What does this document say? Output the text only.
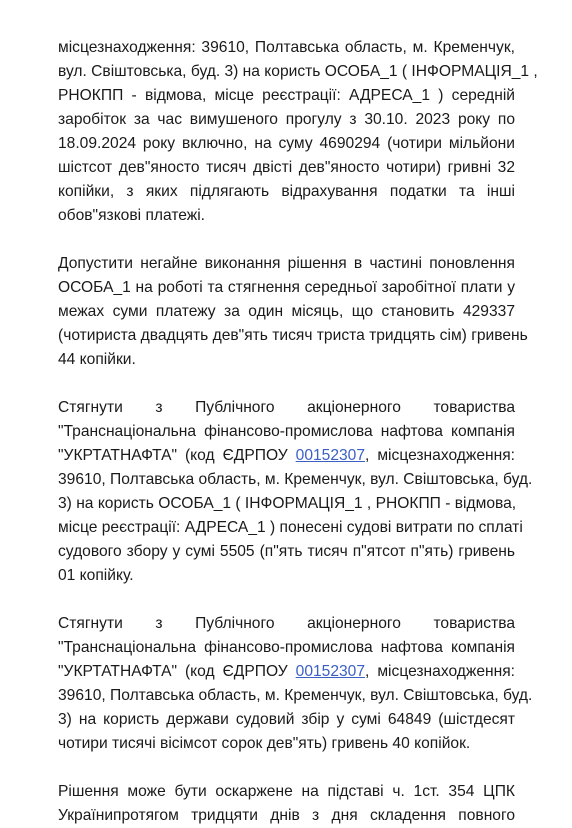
місцезнаходження: 39610, Полтавська область, м. Кременчук,
вул. Свіштовська, буд. 3) на користь ОСОБА_1 ( ІНФОРМАЦІЯ_1 ,
РНОКПП - відмова, місце реєстрації: АДРЕСА_1 ) середній
заробіток за час вимушеного прогулу з 30.10. 2023 року по
18.09.2024 року включно, на суму 4690294 (чотири мільйони
шістсот дев"яносто тисяч двісті дев"яносто чотири) гривні 32
копійки, з яких підлягають відрахування податки та інші
обов"язкові платежі.

Допустити негайне виконання рішення в частині поновлення
ОСОБА_1 на роботі та стягнення середньої заробітної плати у
межах суми платежу за один місяць, що становить 429337
(чотириста двадцять дев"ять тисяч триста тридцять сім) гривень
44 копійки.

Стягнути з Публічного акціонерного товариства
"Транснаціональна фінансово-промислова нафтова компанія
"УКРТАТНАФТА" (код ЄДРПОУ 00152307, місцезнаходження:
39610, Полтавська область, м. Кременчук, вул. Свіштовська, буд.
3) на користь ОСОБА_1 ( ІНФОРМАЦІЯ_1 , РНОКПП - відмова,
місце реєстрації: АДРЕСА_1 ) понесені судові витрати по сплаті
судового збору у сумі 5505 (п"ять тисяч п"ятсот п"ять) гривень
01 копійку.

Стягнути з Публічного акціонерного товариства
"Транснаціональна фінансово-промислова нафтова компанія
"УКРТАТНАФТА" (код ЄДРПОУ 00152307, місцезнаходження:
39610, Полтавська область, м. Кременчук, вул. Свіштовська, буд.
3) на користь держави судовий збір у сумі 64849 (шістдесят
чотири тисячі вісімсот сорок дев"ять) гривень 40 копійок.

Рішення може бути оскаржене на підставі ч. 1ст. 354 ЦПК
Українипротягом тридцяти днів з дня складення повного
